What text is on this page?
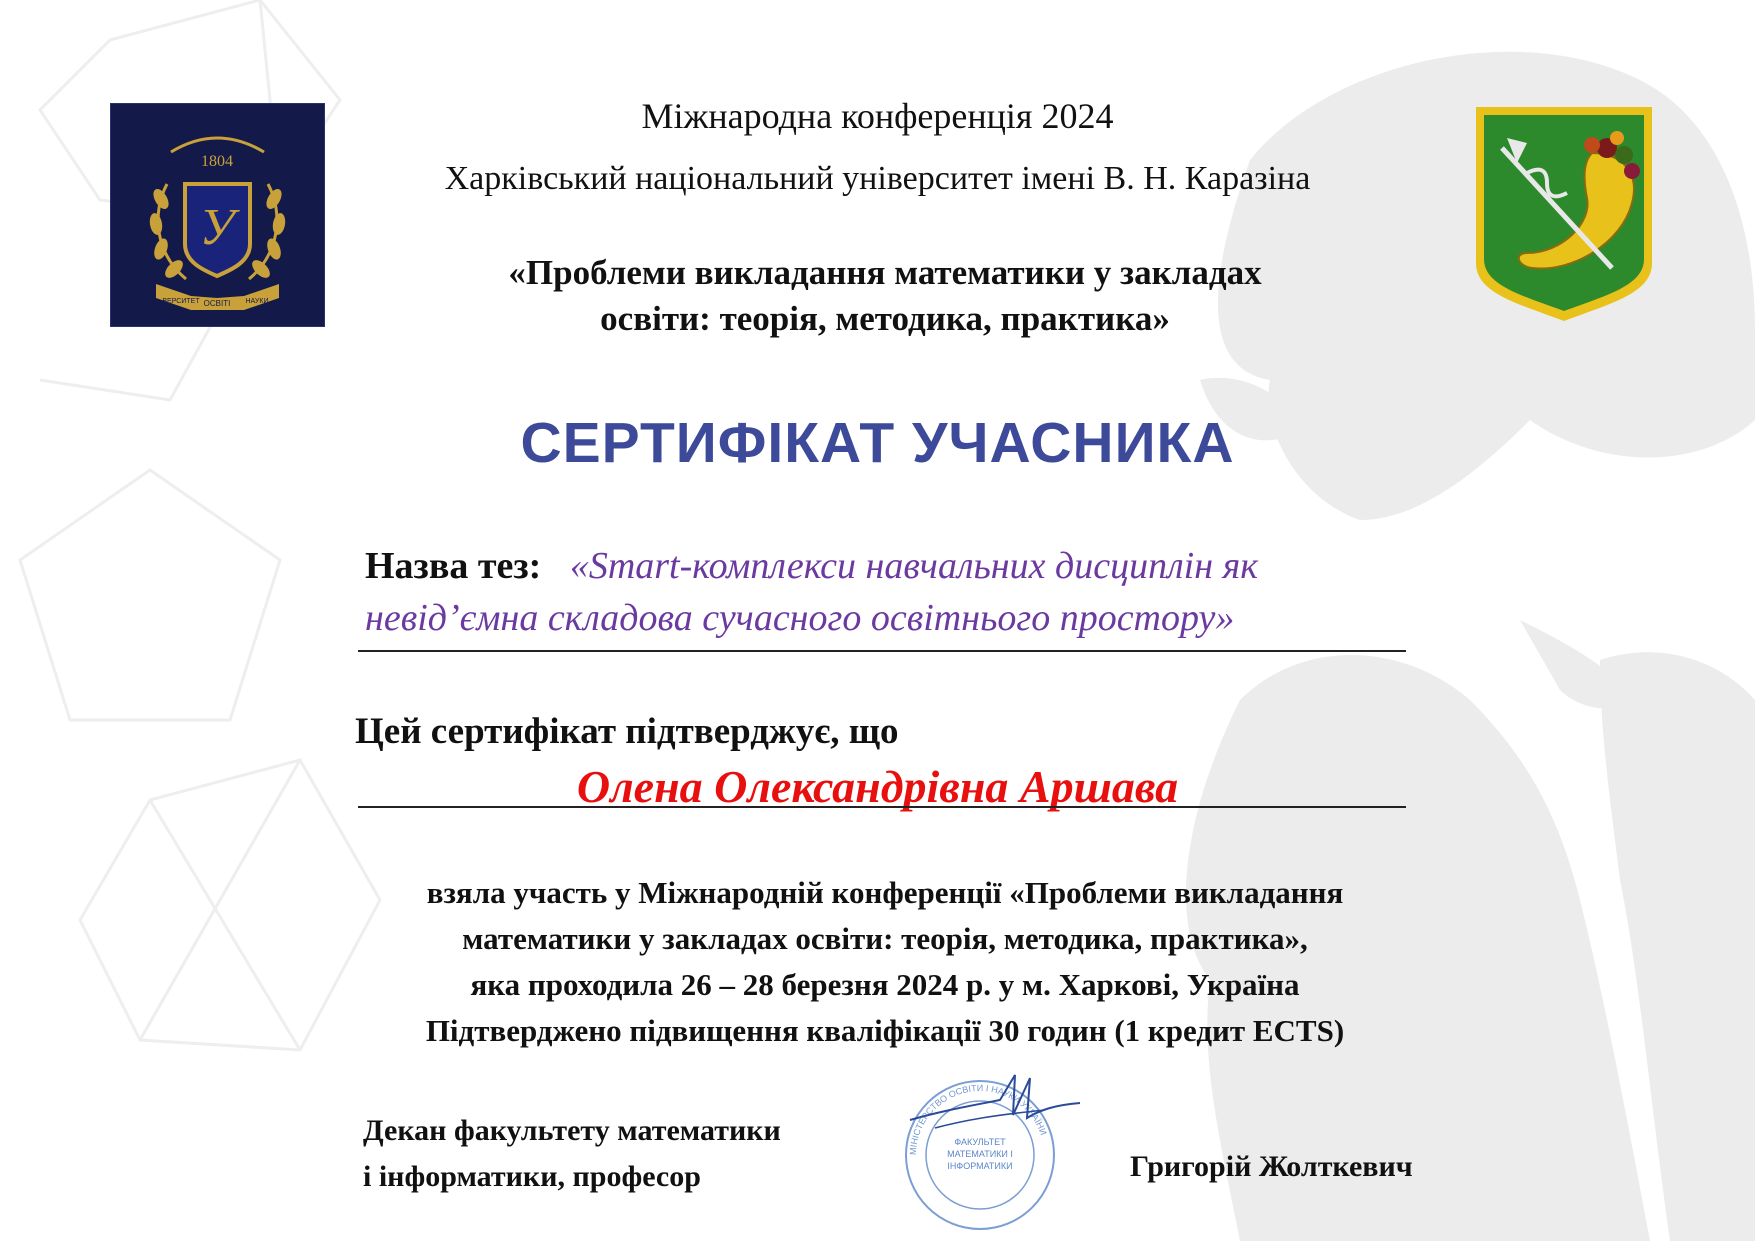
У
1804
ВЕРСИТЕТ ОСВІТІ НАУКИ
Міжнародна конференція 2024
Харківський національний університет імені В. Н. Каразіна
«Проблеми викладання математики у закладах
освіти: теорія, методика, практика»
СЕРТИФІКАТ УЧАСНИКА
Назва тез: «Smart-комплекси навчальних дисциплін як
невід’ємна складова сучасного освітнього простору»
Цей сертифікат підтверджує, що
Олена Олександрівна Аршава
взяла участь у Міжнародній конференції «Проблеми викладання
математики у закладах освіти: теорія, методика, практика»,
яка проходила 26 – 28 березня 2024 р. у м. Харкові, Україна
Підтверджено підвищення кваліфікації 30 годин (1 кредит ECTS)
Декан факультету математики
і інформатики, професор
МІНІСТЕРСТВО ОСВІТИ І НАУКИ УКРАЇНИ
ФАКУЛЬТЕТ
МАТЕМАТИКИ І
ІНФОРМАТИКИ	Григорій Жолткевич
